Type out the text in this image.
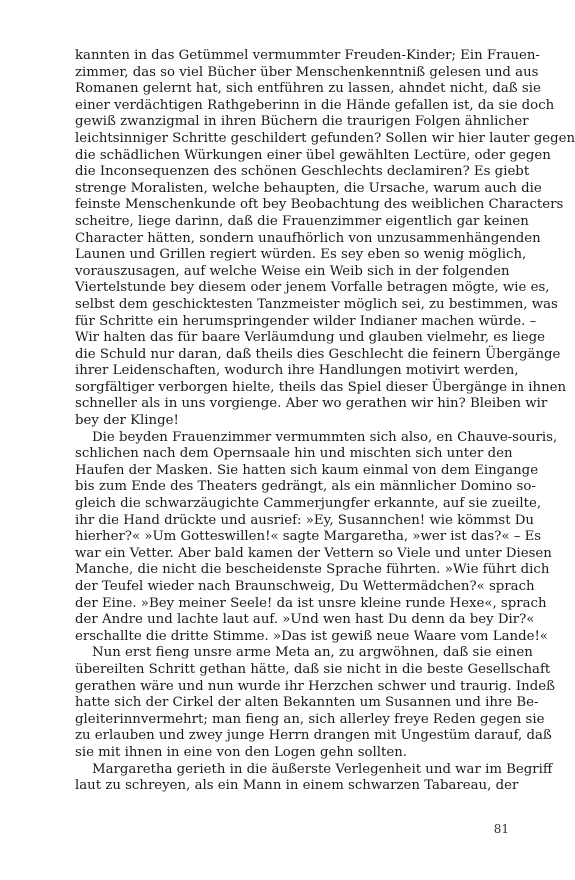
kannten in das Getümmel vermummter Freuden-Kinder; Ein Frauen-
zimmer, das so viel Bücher über Menschenkenntniß gelesen und aus
Romanen gelernt hat, sich entführen zu lassen, ahndet nicht, daß sie
einer verdächtigen Rathgeberinn in die Hände gefallen ist, da sie doch
gewiß zwanzigmal in ihren Büchern die traurigen Folgen ähnlicher
leichtsinniger Schritte geschildert gefunden? Sollen wir hier lauter gegen
die schädlichen Würkungen einer übel gewählten Lectüre, oder gegen
die Inconsequenzen des schönen Geschlechts declamiren? Es giebt
strenge Moralisten, welche behaupten, die Ursache, warum auch die
feinste Menschenkunde oft bey Beobachtung des weiblichen Characters
scheitre, liege darinn, daß die Frauenzimmer eigentlich gar keinen
Character hätten, sondern unaufhörlich von unzusammenhängenden
Launen und Grillen regiert würden. Es sey eben so wenig möglich,
vorauszusagen, auf welche Weise ein Weib sich in der folgenden
Viertelstunde bey diesem oder jenem Vorfalle betragen mögte, wie es,
selbst dem geschicktesten Tanzmeister möglich sei, zu bestimmen, was
für Schritte ein herumspringender wilder Indianer machen würde. –
Wir halten das für baare Verläumdung und glauben vielmehr, es liege
die Schuld nur daran, daß theils dies Geschlecht die feinern Übergänge
ihrer Leidenschaften, wodurch ihre Handlungen motivirt werden,
sorgfältiger verborgen hielte, theils das Spiel dieser Übergänge in ihnen
schneller als in uns vorgienge. Aber wo gerathen wir hin? Bleiben wir
bey der Klinge!
Die beyden Frauenzimmer vermummten sich also, en Chauve-souris,
schlichen nach dem Opernsaale hin und mischten sich unter den
Haufen der Masken. Sie hatten sich kaum einmal von dem Eingange
bis zum Ende des Theaters gedrängt, als ein männlicher Domino so-
gleich die schwarzäugichte Cammerjungfer erkannte, auf sie zueilte,
ihr die Hand drückte und ausrief: »Ey, Susannchen! wie kömmst Du
hierher?« »Um Gotteswillen!« sagte Margaretha, »wer ist das?« – Es
war ein Vetter. Aber bald kamen der Vettern so Viele und unter Diesen
Manche, die nicht die bescheidenste Sprache führten. »Wie führt dich
der Teufel wieder nach Braunschweig, Du Wettermädchen?« sprach
der Eine. »Bey meiner Seele! da ist unsre kleine runde Hexe«, sprach
der Andre und lachte laut auf. »Und wen hast Du denn da bey Dir?«
erschallte die dritte Stimme. »Das ist gewiß neue Waare vom Lande!«
Nun erst fieng unsre arme Meta an, zu argwöhnen, daß sie einen
übereilten Schritt gethan hätte, daß sie nicht in die beste Gesellschaft
gerathen wäre und nun wurde ihr Herzchen schwer und traurig. Indeß
hatte sich der Cirkel der alten Bekannten um Susannen und ihre Be-
gleiterinnvermehrt; man fieng an, sich allerley freye Reden gegen sie
zu erlauben und zwey junge Herrn drangen mit Ungestüm darauf, daß
sie mit ihnen in eine von den Logen gehn sollten.
Margaretha gerieth in die äußerste Verlegenheit und war im Begriff
laut zu schreyen, als ein Mann in einem schwarzen Tabareau, der
81
